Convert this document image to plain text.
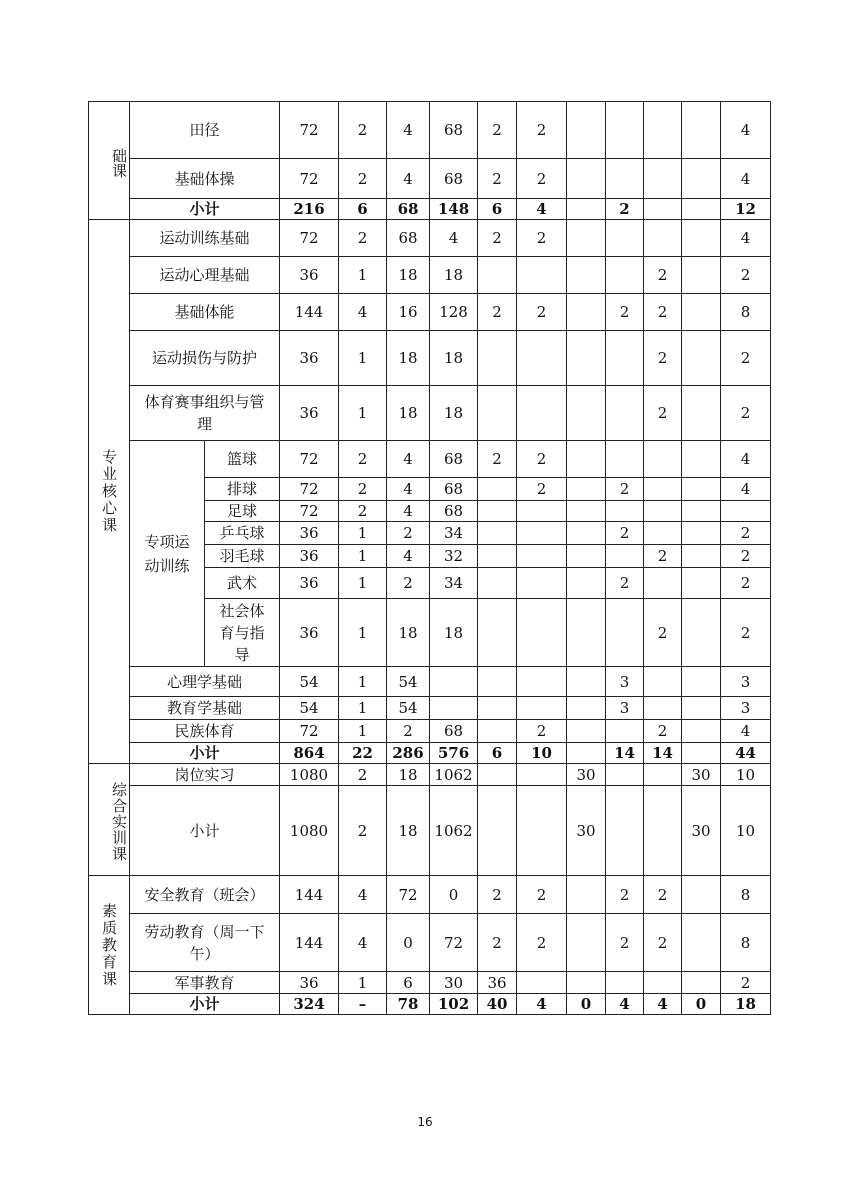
础课	田径		72	2	4	68	2	2					4
	基础体操		72	2	4	68	2	2					4
	小计		216	6	68	148	6	4		2			12
专业核心课	运动训练基础		72	2	68	4	2	2					4
	运动心理基础		36	1	18	18					2		2
	基础体能		144	4	16	128	2	2		2	2		8
	运动损伤与防护		36	1	18	18					2		2
	体育赛事组织与管理		36	1	18	18					2		2
	专项运动训练	篮球	72	2	4	68	2	2					4
		排球	72	2	4	68		2		2			4
		足球	72	2	4	68							
		乒乓球	36	1	2	34				2			2
		羽毛球	36	1	4	32					2		2
		武术	36	1	2	34				2			2
		社会体育与指导	36	1	18	18					2		2
	心理学基础		54	1	54					3			3
	教育学基础		54	1	54					3			3
	民族体育		72	1	2	68		2			2		4
	小计		864	22	286	576	6	10		14	14		44
综合实训课	岗位实习		1080	2	18	1062			30			30	10
	小计		1080	2	18	1062			30			30	10
素质教育课	安全教育（班会）		144	4	72	0	2	2		2	2		8
	劳动教育（周一下午）		144	4	0	72	2	2		2	2		8
	军事教育		36	1	6	30	36						2
	小计		324	–	78	102	40	4	0	4	4	0	18
16
